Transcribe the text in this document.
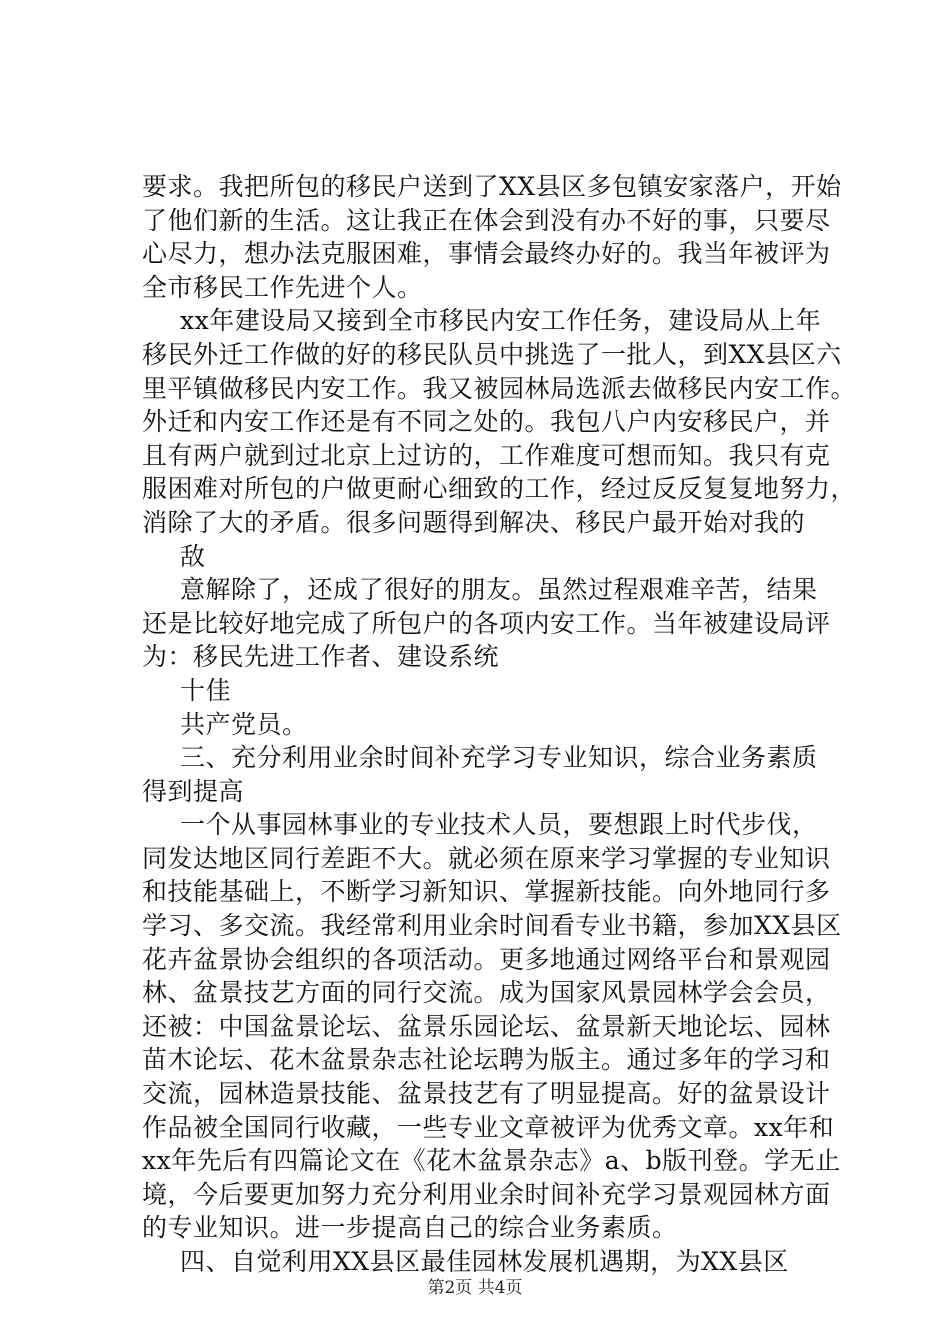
要求。我把所包的移民户送到了XX县区多包镇安家落户，开始
了他们新的生活。这让我正在体会到没有办不好的事，只要尽
心尽力，想办法克服困难，事情会最终办好的。我当年被评为
全市移民工作先进个人。
xx年建设局又接到全市移民内安工作任务，建设局从上年
移民外迁工作做的好的移民队员中挑选了一批人，到XX县区六
里平镇做移民内安工作。我又被园林局选派去做移民内安工作。
外迁和内安工作还是有不同之处的。我包八户内安移民户，并
且有两户就到过北京上过访的，工作难度可想而知。我只有克
服困难对所包的户做更耐心细致的工作，经过反反复复地努力，
消除了大的矛盾。很多问题得到解决、移民户最开始对我的
敌
意解除了，还成了很好的朋友。虽然过程艰难辛苦，结果
还是比较好地完成了所包户的各项内安工作。当年被建设局评
为：移民先进工作者、建设系统
十佳
共产党员。
三、充分利用业余时间补充学习专业知识，综合业务素质
得到提高
一个从事园林事业的专业技术人员，要想跟上时代步伐，
同发达地区同行差距不大。就必须在原来学习掌握的专业知识
和技能基础上，不断学习新知识、掌握新技能。向外地同行多
学习、多交流。我经常利用业余时间看专业书籍，参加XX县区
花卉盆景协会组织的各项活动。更多地通过网络平台和景观园
林、盆景技艺方面的同行交流。成为国家风景园林学会会员，
还被：中国盆景论坛、盆景乐园论坛、盆景新天地论坛、园林
苗木论坛、花木盆景杂志社论坛聘为版主。通过多年的学习和
交流，园林造景技能、盆景技艺有了明显提高。好的盆景设计
作品被全国同行收藏，一些专业文章被评为优秀文章。xx年和
xx年先后有四篇论文在《花木盆景杂志》a、b版刊登。学无止
境，今后要更加努力充分利用业余时间补充学习景观园林方面
的专业知识。进一步提高自己的综合业务素质。
四、自觉利用XX县区最佳园林发展机遇期，为XX县区
第2页 共4页
